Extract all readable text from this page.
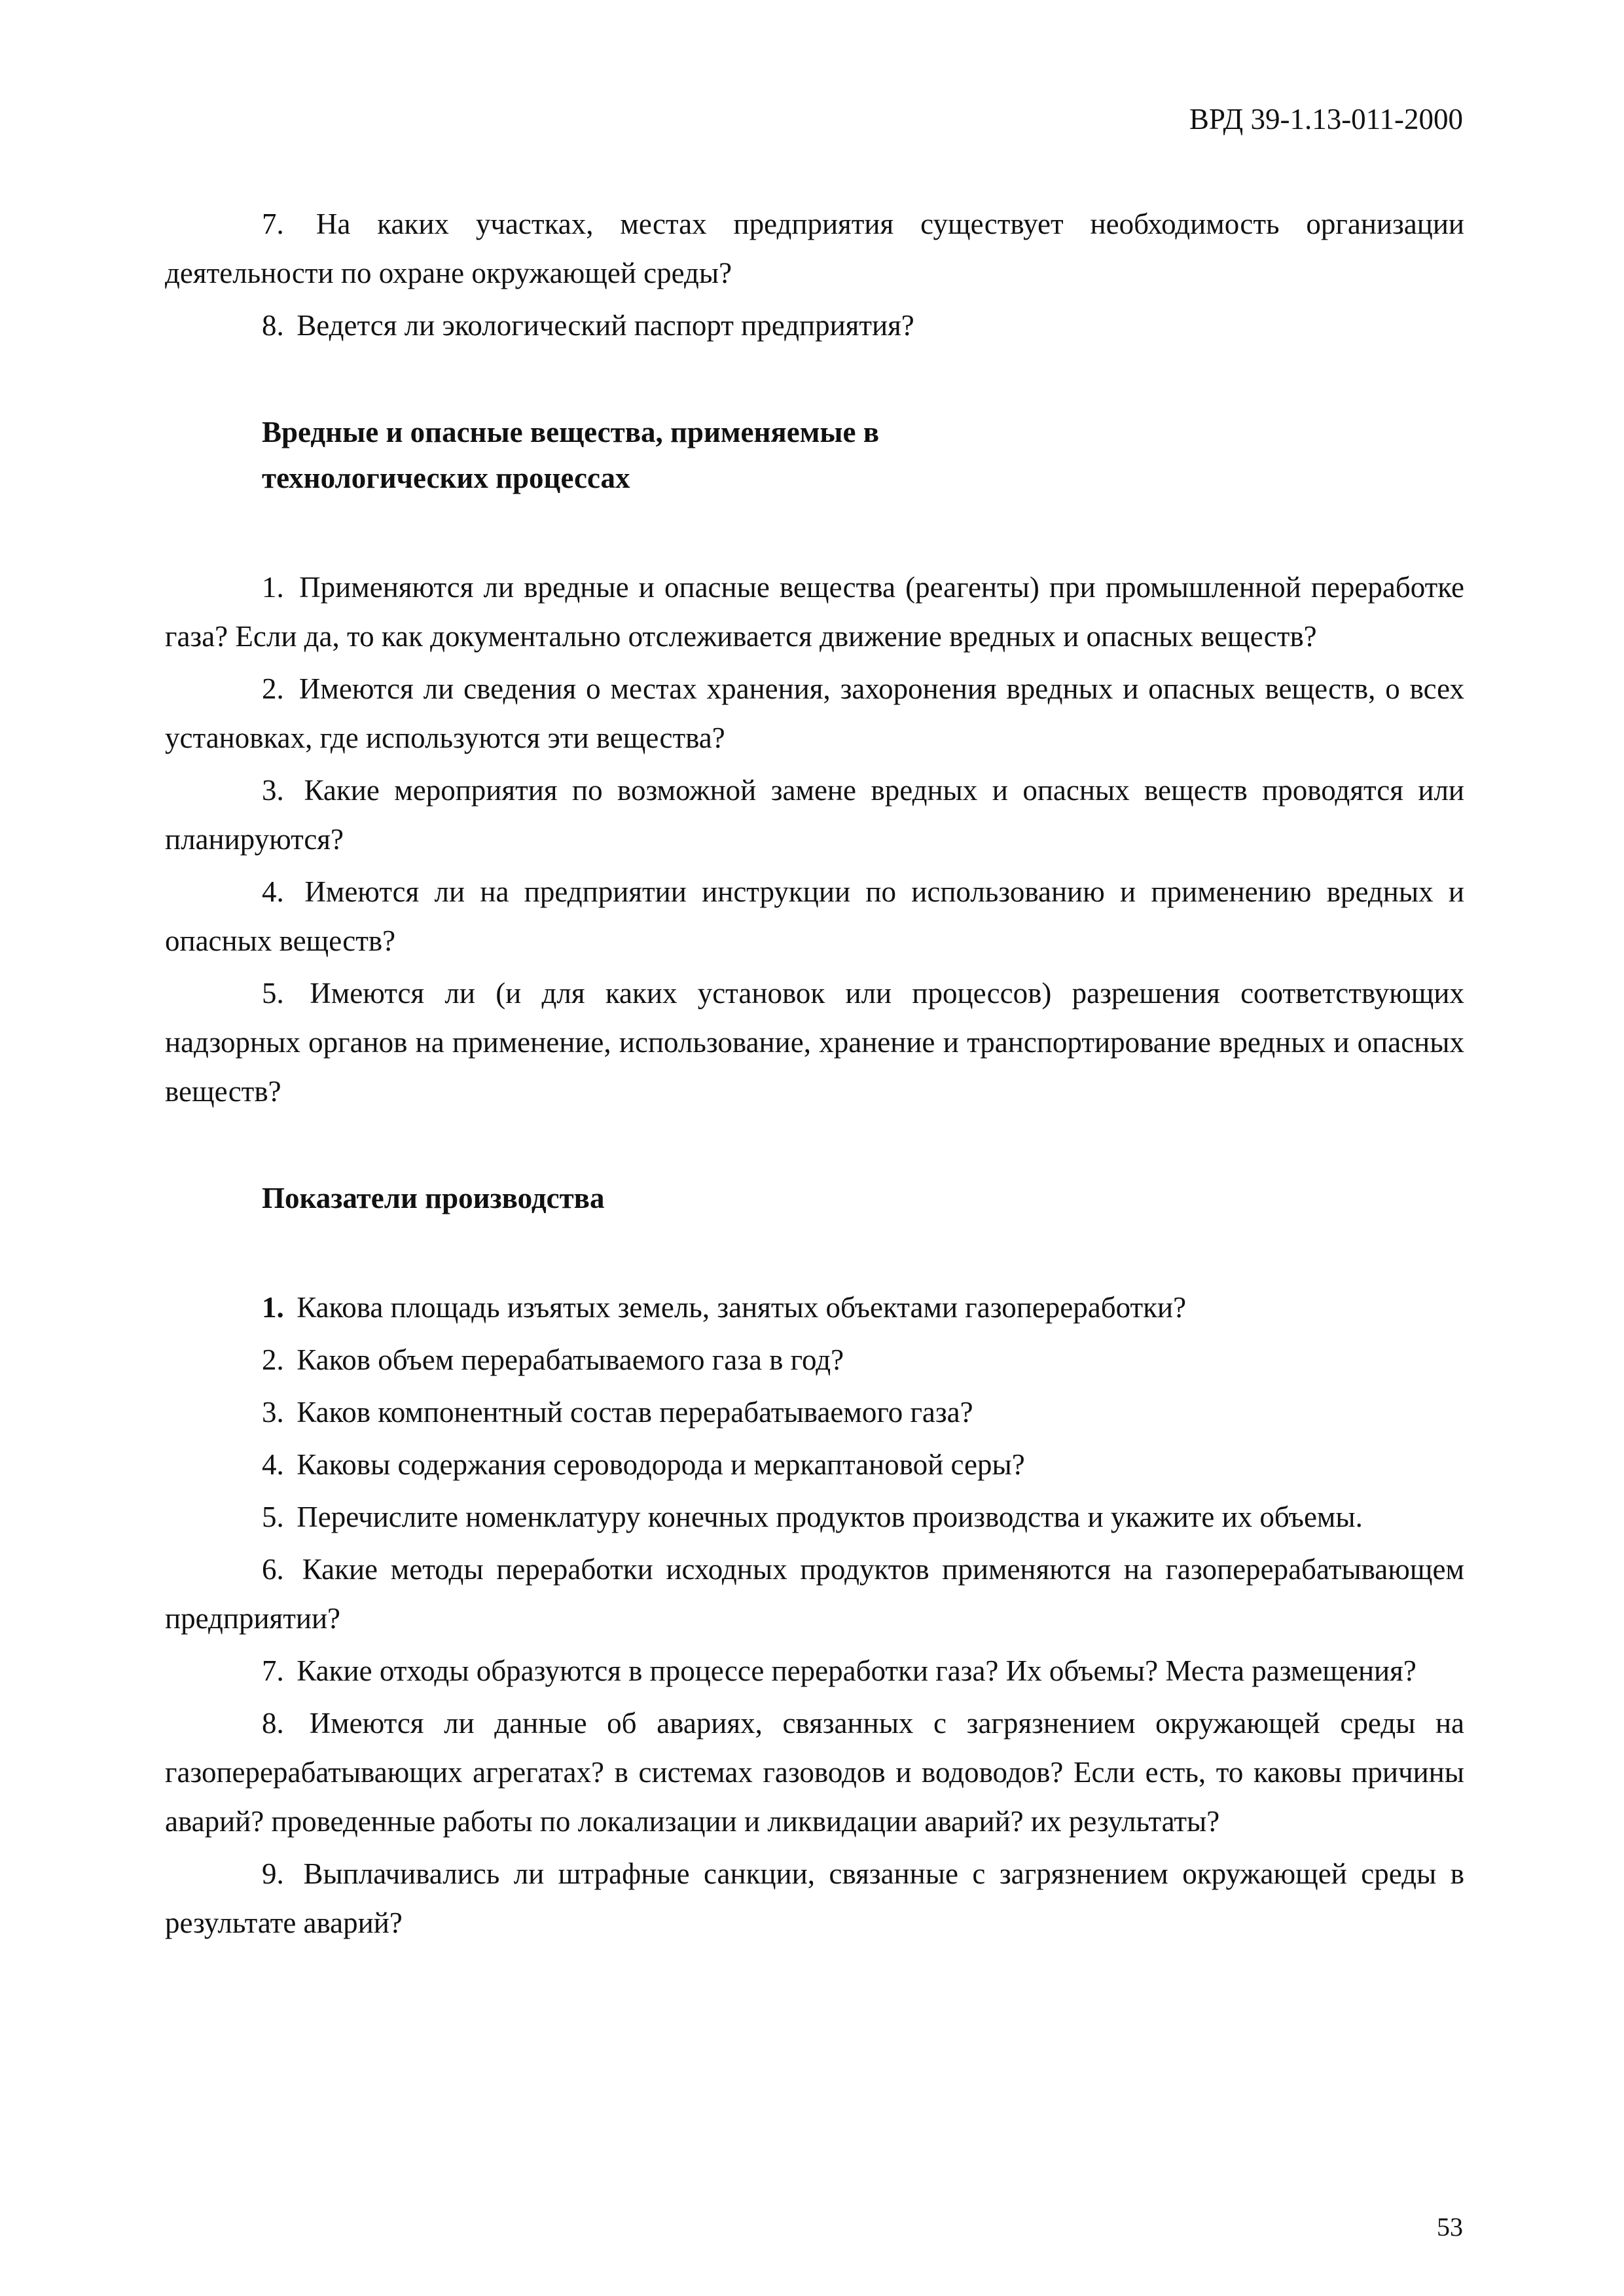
ВРД 39-1.13-011-2000

7. На каких участках, местах предприятия существует необходимость организации деятельности по охране окружающей среды?

8. Ведется ли экологический паспорт предприятия?

Вредные и опасные вещества, применяемые в
технологических процессах

1. Применяются ли вредные и опасные вещества (реагенты) при промышленной переработке газа? Если да, то как документально отслеживается движение вредных и опасных веществ?

2. Имеются ли сведения о местах хранения, захоронения вредных и опасных веществ, о всех установках, где используются эти вещества?

3. Какие мероприятия по возможной замене вредных и опасных веществ проводятся или планируются?

4. Имеются ли на предприятии инструкции по использованию и применению вредных и опасных веществ?

5. Имеются ли (и для каких установок или процессов) разрешения соответствующих надзорных органов на применение, использование, хранение и транспортирование вредных и опасных веществ?

Показатели производства

1. Какова площадь изъятых земель, занятых объектами газопереработки?

2. Каков объем перерабатываемого газа в год?

3. Каков компонентный состав перерабатываемого газа?

4. Каковы содержания сероводорода и меркаптановой серы?

5. Перечислите номенклатуру конечных продуктов производства и укажите их объемы.

6. Какие методы переработки исходных продуктов применяются на газоперерабатывающем предприятии?

7. Какие отходы образуются в процессе переработки газа? Их объемы? Места размещения?

8. Имеются ли данные об авариях, связанных с загрязнением окружающей среды на газоперерабатывающих агрегатах? в системах газоводов и водоводов? Если есть, то каковы причины аварий? проведенные работы по локализации и ликвидации аварий? их результаты?

9. Выплачивались ли штрафные санкции, связанные с загрязнением окружающей среды в результате аварий?

53
